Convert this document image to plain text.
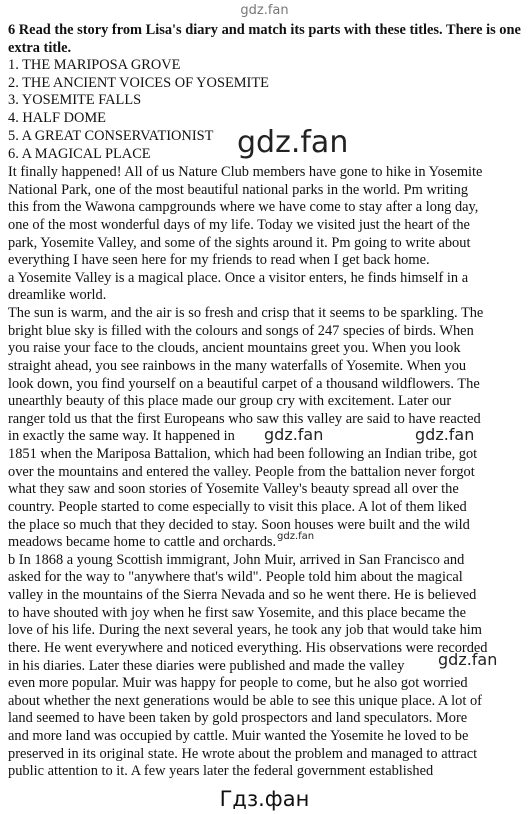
gdz.fan
6 Read the story from Lisa's diary and match its parts with these titles. There is one extra title.
1. THE MARIPOSA GROVE
2. THE ANCIENT VOICES OF YOSEMITE
3. YOSEMITE FALLS
4. HALF DOME
5. A GREAT CONSERVATIONIST
6. A MAGICAL PLACE
It finally happened! All of us Nature Club members have gone to hike in Yosemite
National Park, one of the most beautiful national parks in the world. Pm writing
this from the Wawona campgrounds where we have come to stay after a long day,
one of the most wonderful days of my life. Today we visited just the heart of the
park, Yosemite Valley, and some of the sights around it. Pm going to write about
everything I have seen here for my friends to read when I get back home.
a Yosemite Valley is a magical place. Once a visitor enters, he finds himself in a
dreamlike world.
The sun is warm, and the air is so fresh and crisp that it seems to be sparkling. The
bright blue sky is filled with the colours and songs of 247 species of birds. When
you raise your face to the clouds, ancient mountains greet you. When you look
straight ahead, you see rainbows in the many waterfalls of Yosemite. When you
look down, you find yourself on a beautiful carpet of a thousand wildflowers. The
unearthly beauty of this place made our group cry with excitement. Later our
ranger told us that the first Europeans who saw this valley are said to have reacted
in exactly the same way. It happened in
1851 when the Mariposa Battalion, which had been following an Indian tribe, got
over the mountains and entered the valley. People from the battalion never forgot
what they saw and soon stories of Yosemite Valley's beauty spread all over the
country. People started to come especially to visit this place. A lot of them liked
the place so much that they decided to stay. Soon houses were built and the wild
meadows became home to cattle and orchards.
b In 1868 a young Scottish immigrant, John Muir, arrived in San Francisco and
asked for the way to "anywhere that's wild". People told him about the magical
valley in the mountains of the Sierra Nevada and so he went there. He is believed
to have shouted with joy when he first saw Yosemite, and this place became the
love of his life. During the next several years, he took any job that would take him
there. He went everywhere and noticed everything. His observations were recorded
in his diaries. Later these diaries were published and made the valley
even more popular. Muir was happy for people to come, but he also got worried
about whether the next generations would be able to see this unique place. A lot of
land seemed to have been taken by gold prospectors and land speculators. More
and more land was occupied by cattle. Muir wanted the Yosemite he loved to be
preserved in its original state. He wrote about the problem and managed to attract
public attention to it. A few years later the federal government established
gdz.fan
gdz.fan	gdz.fan
gdz.fan
gdz.fan
Гдз.фан
